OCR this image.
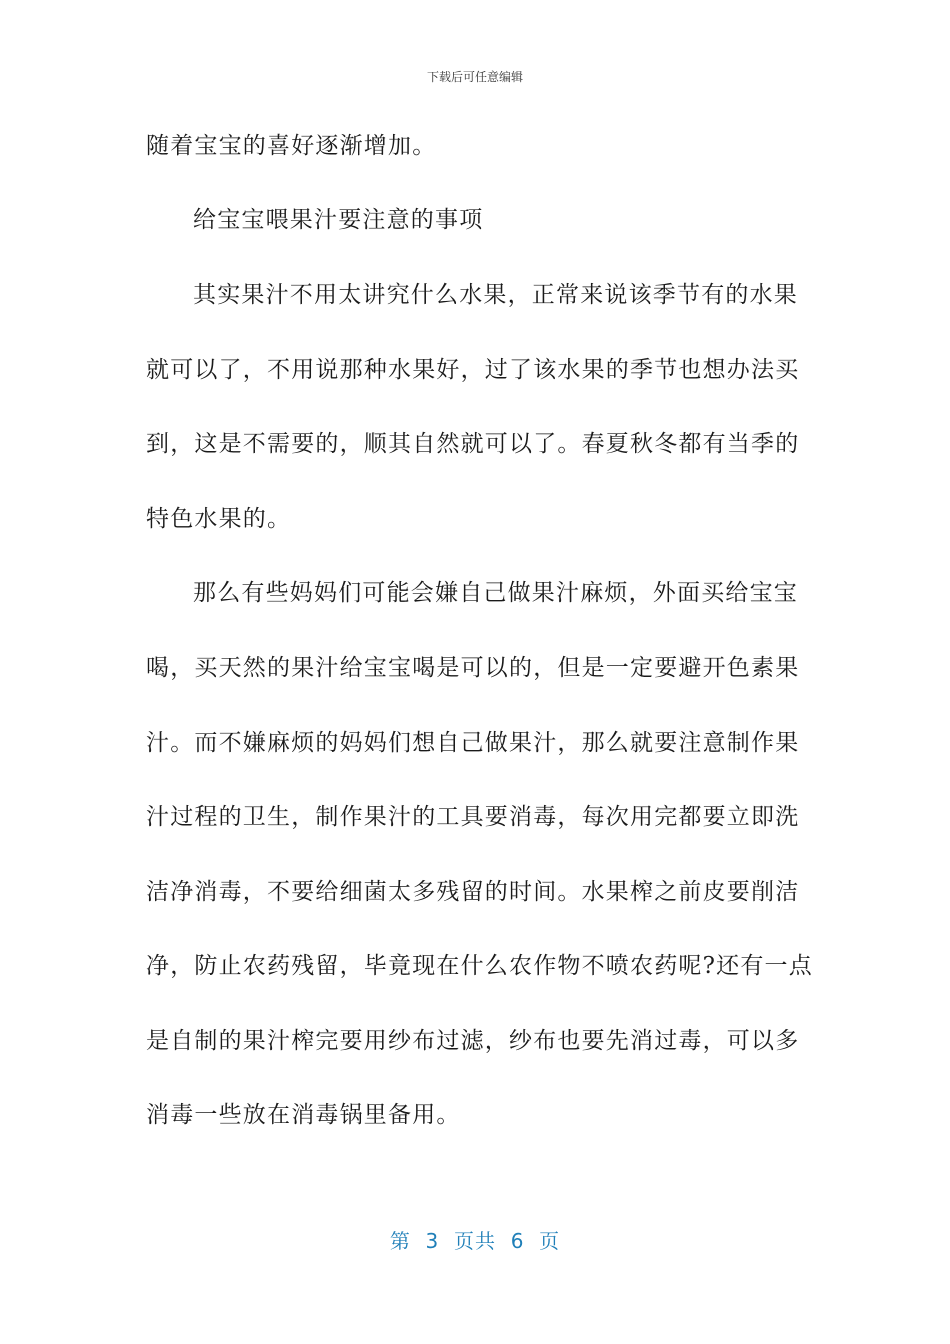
下载后可任意编辑
随着宝宝的喜好逐渐增加。
给宝宝喂果汁要注意的事项
其实果汁不用太讲究什么水果，正常来说该季节有的水果
就可以了，不用说那种水果好，过了该水果的季节也想办法买
到，这是不需要的，顺其自然就可以了。春夏秋冬都有当季的
特色水果的。
那么有些妈妈们可能会嫌自己做果汁麻烦，外面买给宝宝
喝，买天然的果汁给宝宝喝是可以的，但是一定要避开色素果
汁。而不嫌麻烦的妈妈们想自己做果汁，那么就要注意制作果
汁过程的卫生，制作果汁的工具要消毒，每次用完都要立即洗
洁净消毒，不要给细菌太多残留的时间。水果榨之前皮要削洁
净，防止农药残留，毕竟现在什么农作物不喷农药呢?还有一点
是自制的果汁榨完要用纱布过滤，纱布也要先消过毒，可以多
消毒一些放在消毒锅里备用。
第  3  页共  6  页
